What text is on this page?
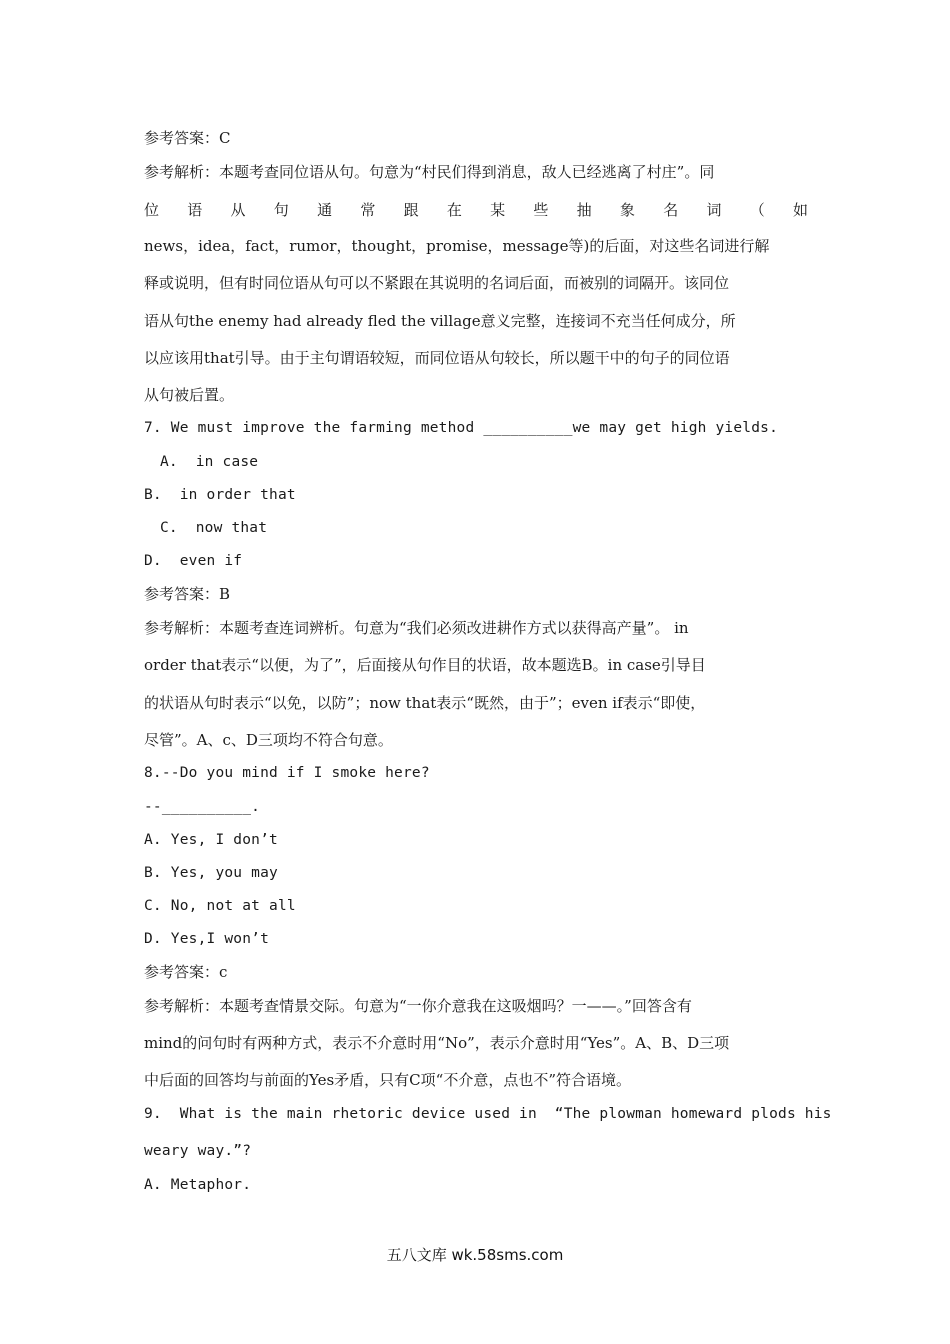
参考答案：C
参考解析：本题考查同位语从句。句意为“村民们得到消息，敌人已经逃离了村庄”。同
位 语 从 句 通 常 跟 在 某 些 抽 象 名 词 （ 如
news，idea，fact，rumor，thought，promise，message等)的后面，对这些名词进行解
释或说明，但有时同位语从句可以不紧跟在其说明的名词后面，而被别的词隔开。该同位
语从句the enemy had already fled the village意义完整，连接词不充当任何成分，所
以应该用that引导。由于主句谓语较短，而同位语从句较长，所以题干中的句子的同位语
从句被后置。
7. We must improve the farming method __________we may get high yields.
A.  in case
B.  in order that
C.  now that
D.  even if
参考答案：B
参考解析：本题考查连词辨析。句意为“我们必须改进耕作方式以获得高产量”。 in
order that表示“以便，为了”，后面接从句作目的状语，故本题选B。in case引导目
的状语从句时表示“以免，以防”；now that表示“既然，由于”；even if表示“即使，
尽管”。A、c、D三项均不符合句意。
8.--Do you mind if I smoke here?
--__________.
A. Yes, I don’t
B. Yes, you may
C. No, not at all
D. Yes,I won’t
参考答案：c
参考解析：本题考查情景交际。句意为“一你介意我在这吸烟吗？一——。”回答含有
mind的问句时有两种方式，表示不介意时用“No”，表示介意时用“Yes”。A、B、D三项
中后面的回答均与前面的Yes矛盾，只有C项“不介意，点也不”符合语境。
9.  What is the main rhetoric device used in  “The plowman homeward plods his
weary way.”?
A. Metaphor.
五八文库 wk.58sms.com
